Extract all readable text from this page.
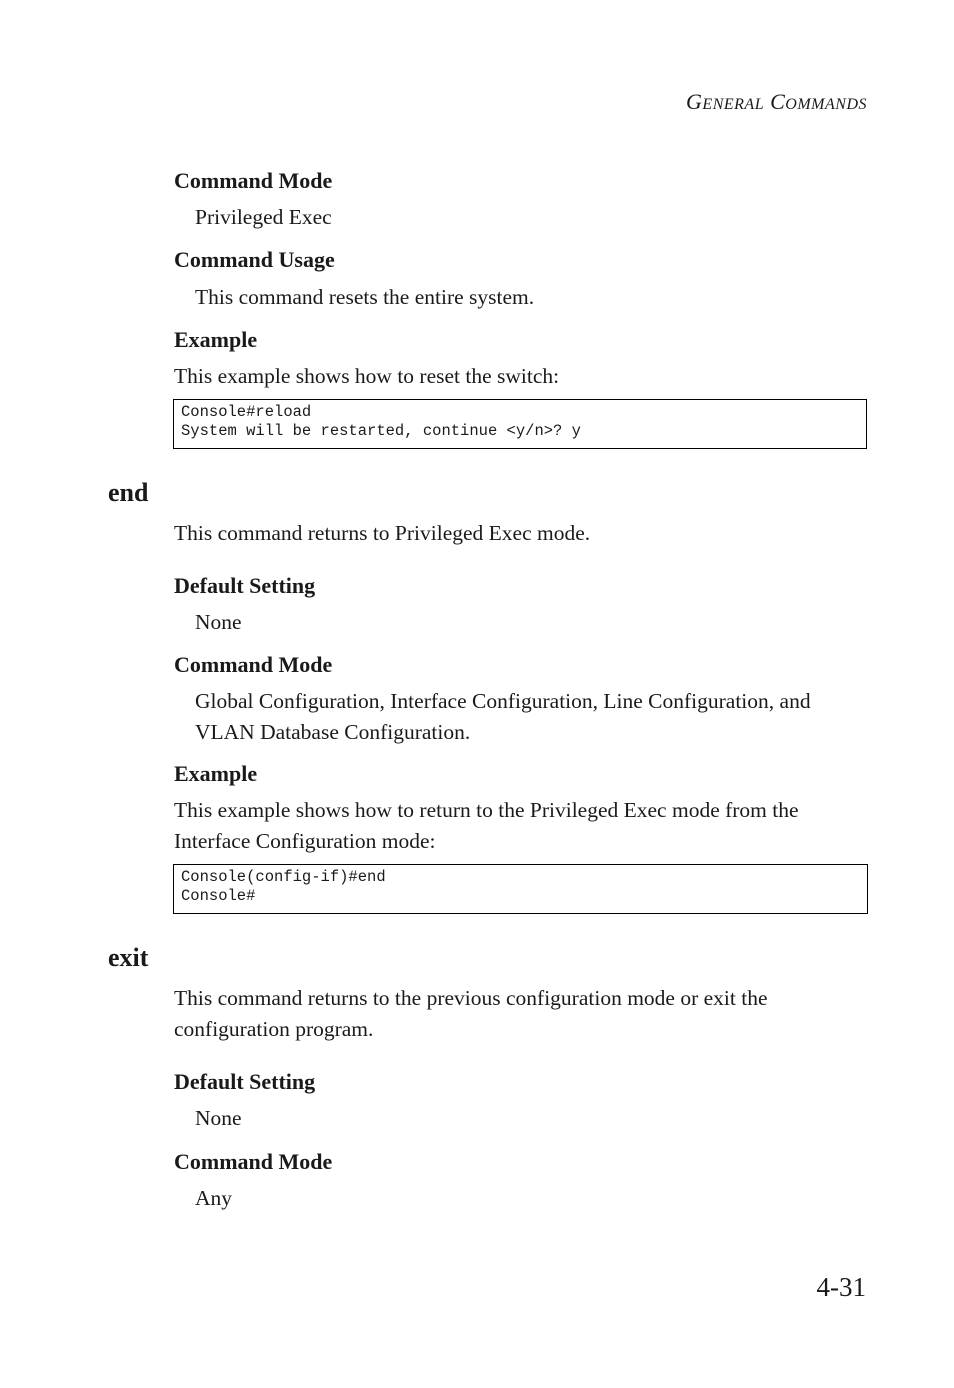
GENERAL COMMANDS
Command Mode
Privileged Exec
Command Usage
This command resets the entire system.
Example
This example shows how to reset the switch:
Console#reload
System will be restarted, continue <y/n>? y
end
This command returns to Privileged Exec mode.
Default Setting
None
Command Mode
Global Configuration, Interface Configuration, Line Configuration, and
VLAN Database Configuration.
Example
This example shows how to return to the Privileged Exec mode from the
Interface Configuration mode:
Console(config-if)#end
Console#
exit
This command returns to the previous configuration mode or exit the
configuration program.
Default Setting
None
Command Mode
Any
4-31
